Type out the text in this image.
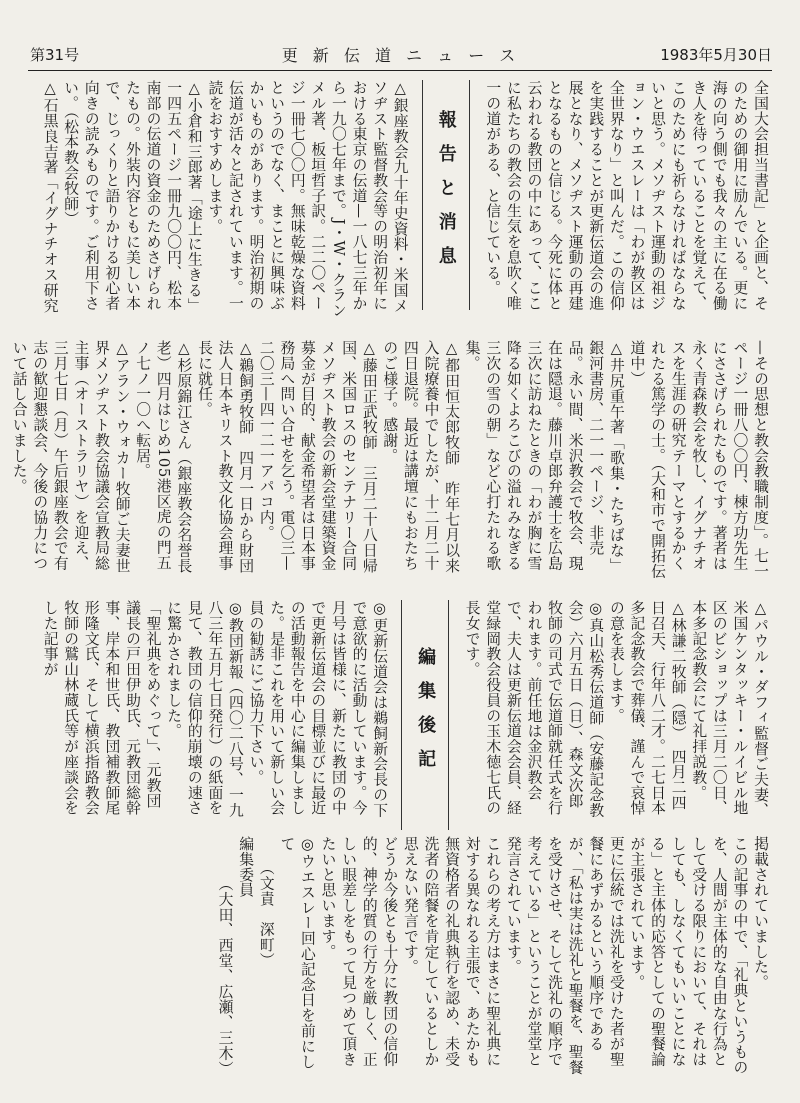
第31号	更 新 伝 道 ニ ュ ー ス	1983年5月30日
全国大会担当書記」と企画と、そのための御用に励んでいる。更に海の向う側でも我々の主に在る働き人を待っていることを覚えて、このためにも祈らなければならないと思う。メソヂスト運動の祖ジョン・ウエスレーは「わが教区は全世界なり」と叫んだ。この信仰を実践することが更新伝道会の進展となり、メソヂスト運動の再建となるものと信じる。今死に体と云われる教団の中にあって、ここに私たちの教会の生気を息吹く唯一の道がある、と信じている。
報告と消息
△銀座教会九十年史資料・米国メソヂスト監督教会等の明治初年における東京の伝道—一八七三年から一九〇七年まで。J・W・クランメル著、板垣哲子訳。二二〇ページ一冊七〇〇円。無味乾燥な資料というのでなく、まことに興味ぶかいものがあります。明治初期の伝道が活々と記されています。一読をおすすめします。
△小倉和三郎著「途上に生きる」一四五ページ一冊九〇〇円、松本南部の伝道の資金のためさげられたもの。外装内容ともに美しい本で、じっくりと語りかける初心者向きの読みものです。ご利用下さい。（松本教会牧師）
△石黒良吉著「イグナチオス研究
—その思想と教会教職制度」。七一ページ一冊八〇〇円、棟方功先生にささげられたものです。著者は永く青森教会を牧し、イグナチオスを生涯の研究テーマとするかくれたる篤学の士。（大和市で開拓伝道中）
△井尻重午著「歌集・たちばな」銀河書房、二一一ページ、非売品。永い間、米沢教会で牧会、現在は隠退。藤川卓郎弁護士を広島三次に訪ねたときの「わが胸に雪降る如くよろこびの溢れみなぎる三次の雪の朝」など心打たれる歌集。
△都田恒太郎牧師　昨年七月以来入院療養中でしたが、十二月二十四日退院。最近は講壇にもおたちのご様子。感謝。
△藤田正武牧師　三月二十八日帰国、米国ロスのセンテナリー合同メソヂスト教会の新会堂建築資金募金が目的、献金希望者は日本事務局へ問い合せを乞う。電〇三—二〇三—四一二一アパコ内。
△鵜飼勇牧師　四月一日から財団法人日本キリスト教文化協会理事長に就任。
△杉原錦江さん（銀座教会名誉長老）四月はじめ105港区虎の門五ノ七ノ一〇へ転居。
△アラン・ウォカー牧師ご夫妻世界メソヂスト教会協議会宣教局総主事（オーストラリヤ）を迎え、三月七日（月）午后銀座教会で有志の歓迎懇談会、今後の協力について話し合いました。
△パウル・ダフィ監督ご夫妻、米国ケンタッキー・ルイビル地区のビショップは三月二〇日、本多記念教会にて礼拝説教。
△林謙二牧師（隠）　四月二四日召天、行年八二才。二七日本多記念教会で葬儀、謹んで哀悼の意を表します。
◎真山松秀伝道師（安藤記念教会）六月五日（日）、森文次郎牧師の司式で伝道師就任式を行われます。前任地は金沢教会で、夫人は更新伝道会会員、経堂緑岡教会役員の玉木徳七氏の長女です。
編集後記
◎更新伝道会は鵜飼新会長の下で意欲的に活動しています。今月号は皆様に、新たに教団の中で更新伝道会の目標並びに最近の活動報告を中心に編集しました。是非これを用いて新しい会員の勧誘にご協力下さい。
◎教団新報（四〇二八号、一九八三年五月七日発行）の紙面を見て、教団の信仰的崩壊の速さに驚かされました。
「聖礼典をめぐって」、元教団議長の戸田伊助氏、元教団総幹事、岸本和世氏、教団補教師尾形隆文氏、そして横浜指路教会牧師の鷲山林蔵氏等が座談会をした記事が
掲載されていました。
この記事の中で、「礼典というものを、人間が主体的な自由な行為として受ける限りにおいて、それはしても、しなくてもいいことになる」と主体的応答としての聖餐論が主張されています。
更に伝統では洗礼を受けた者が聖餐にあずかるという順序であるが、「私は実は洗礼と聖餐を、聖餐を受けさせ、そして洗礼の順序で考えている」ということが堂堂と発言されています。
これらの考え方はまさに聖礼典に対する異なれる主張で、あたかも無資格者の礼典執行を認め、未受洗者の陪餐を肯定しているとしか思えない発言です。
どうか今後とも十分に教団の信仰的、神学的質の行方を厳しく、正しい眼差しをもって見つめて頂きたいと思います。
◎ウエスレー回心記念日を前にして
（文責　深町）
編集委員
（大田、西堂、広瀬、三木）
